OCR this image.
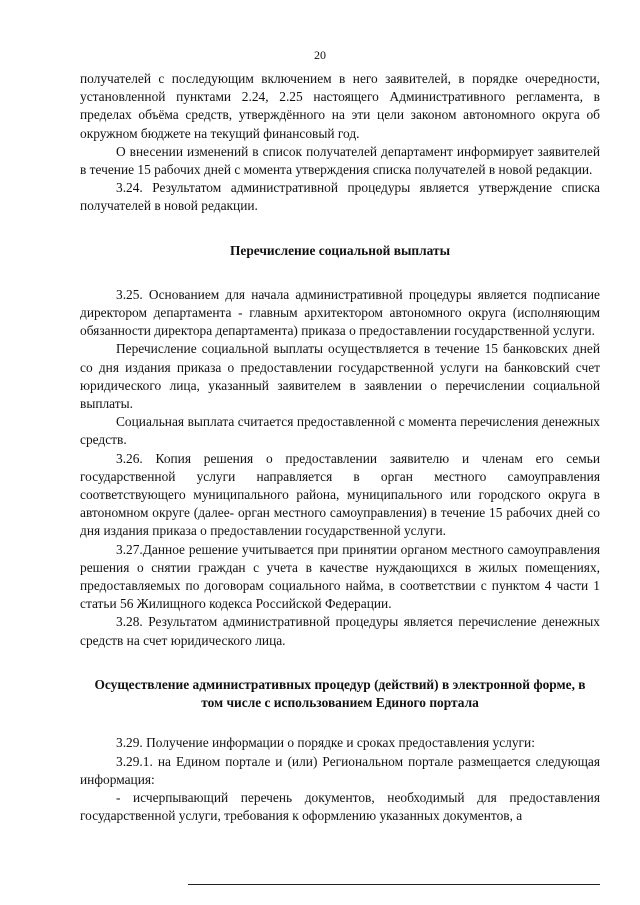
20

получателей с последующим включением в него заявителей, в порядке очередности, установленной пунктами 2.24, 2.25 настоящего Административного регламента, в пределах объёма средств, утверждённого на эти цели законом автономного округа об окружном бюджете на текущий финансовый год.

О внесении изменений в список получателей департамент информирует заявителей в течение 15 рабочих дней с момента утверждения списка получателей в новой редакции.

3.24. Результатом административной процедуры является утверждение списка получателей в новой редакции.

Перечисление социальной выплаты

3.25. Основанием для начала административной процедуры является подписание директором департамента - главным архитектором автономного округа (исполняющим обязанности директора департамента) приказа о предоставлении государственной услуги.

Перечисление социальной выплаты осуществляется в течение 15 банковских дней со дня издания приказа о предоставлении государственной услуги на банковский счет юридического лица, указанный заявителем в заявлении о перечислении социальной выплаты.

Социальная выплата считается предоставленной с момента перечисления денежных средств.

3.26. Копия решения о предоставлении заявителю и членам его семьи государственной услуги направляется в орган местного самоуправления соответствующего муниципального района, муниципального или городского округа в автономном округе (далее- орган местного самоуправления) в течение 15 рабочих дней со дня издания приказа о предоставлении государственной услуги.

3.27.Данное решение учитывается при принятии органом местного самоуправления решения о снятии граждан с учета в качестве нуждающихся в жилых помещениях, предоставляемых по договорам социального найма, в соответствии с пунктом 4 части 1 статьи 56 Жилищного кодекса Российской Федерации.

3.28. Результатом административной процедуры является перечисление денежных средств на счет юридического лица.

Осуществление административных процедур (действий) в электронной форме, в том числе с использованием Единого портала

3.29. Получение информации о порядке и сроках предоставления услуги:

3.29.1. на Едином портале и (или) Региональном портале размещается следующая информация:

- исчерпывающий перечень документов, необходимый для предоставления государственной услуги, требования к оформлению указанных документов, а
